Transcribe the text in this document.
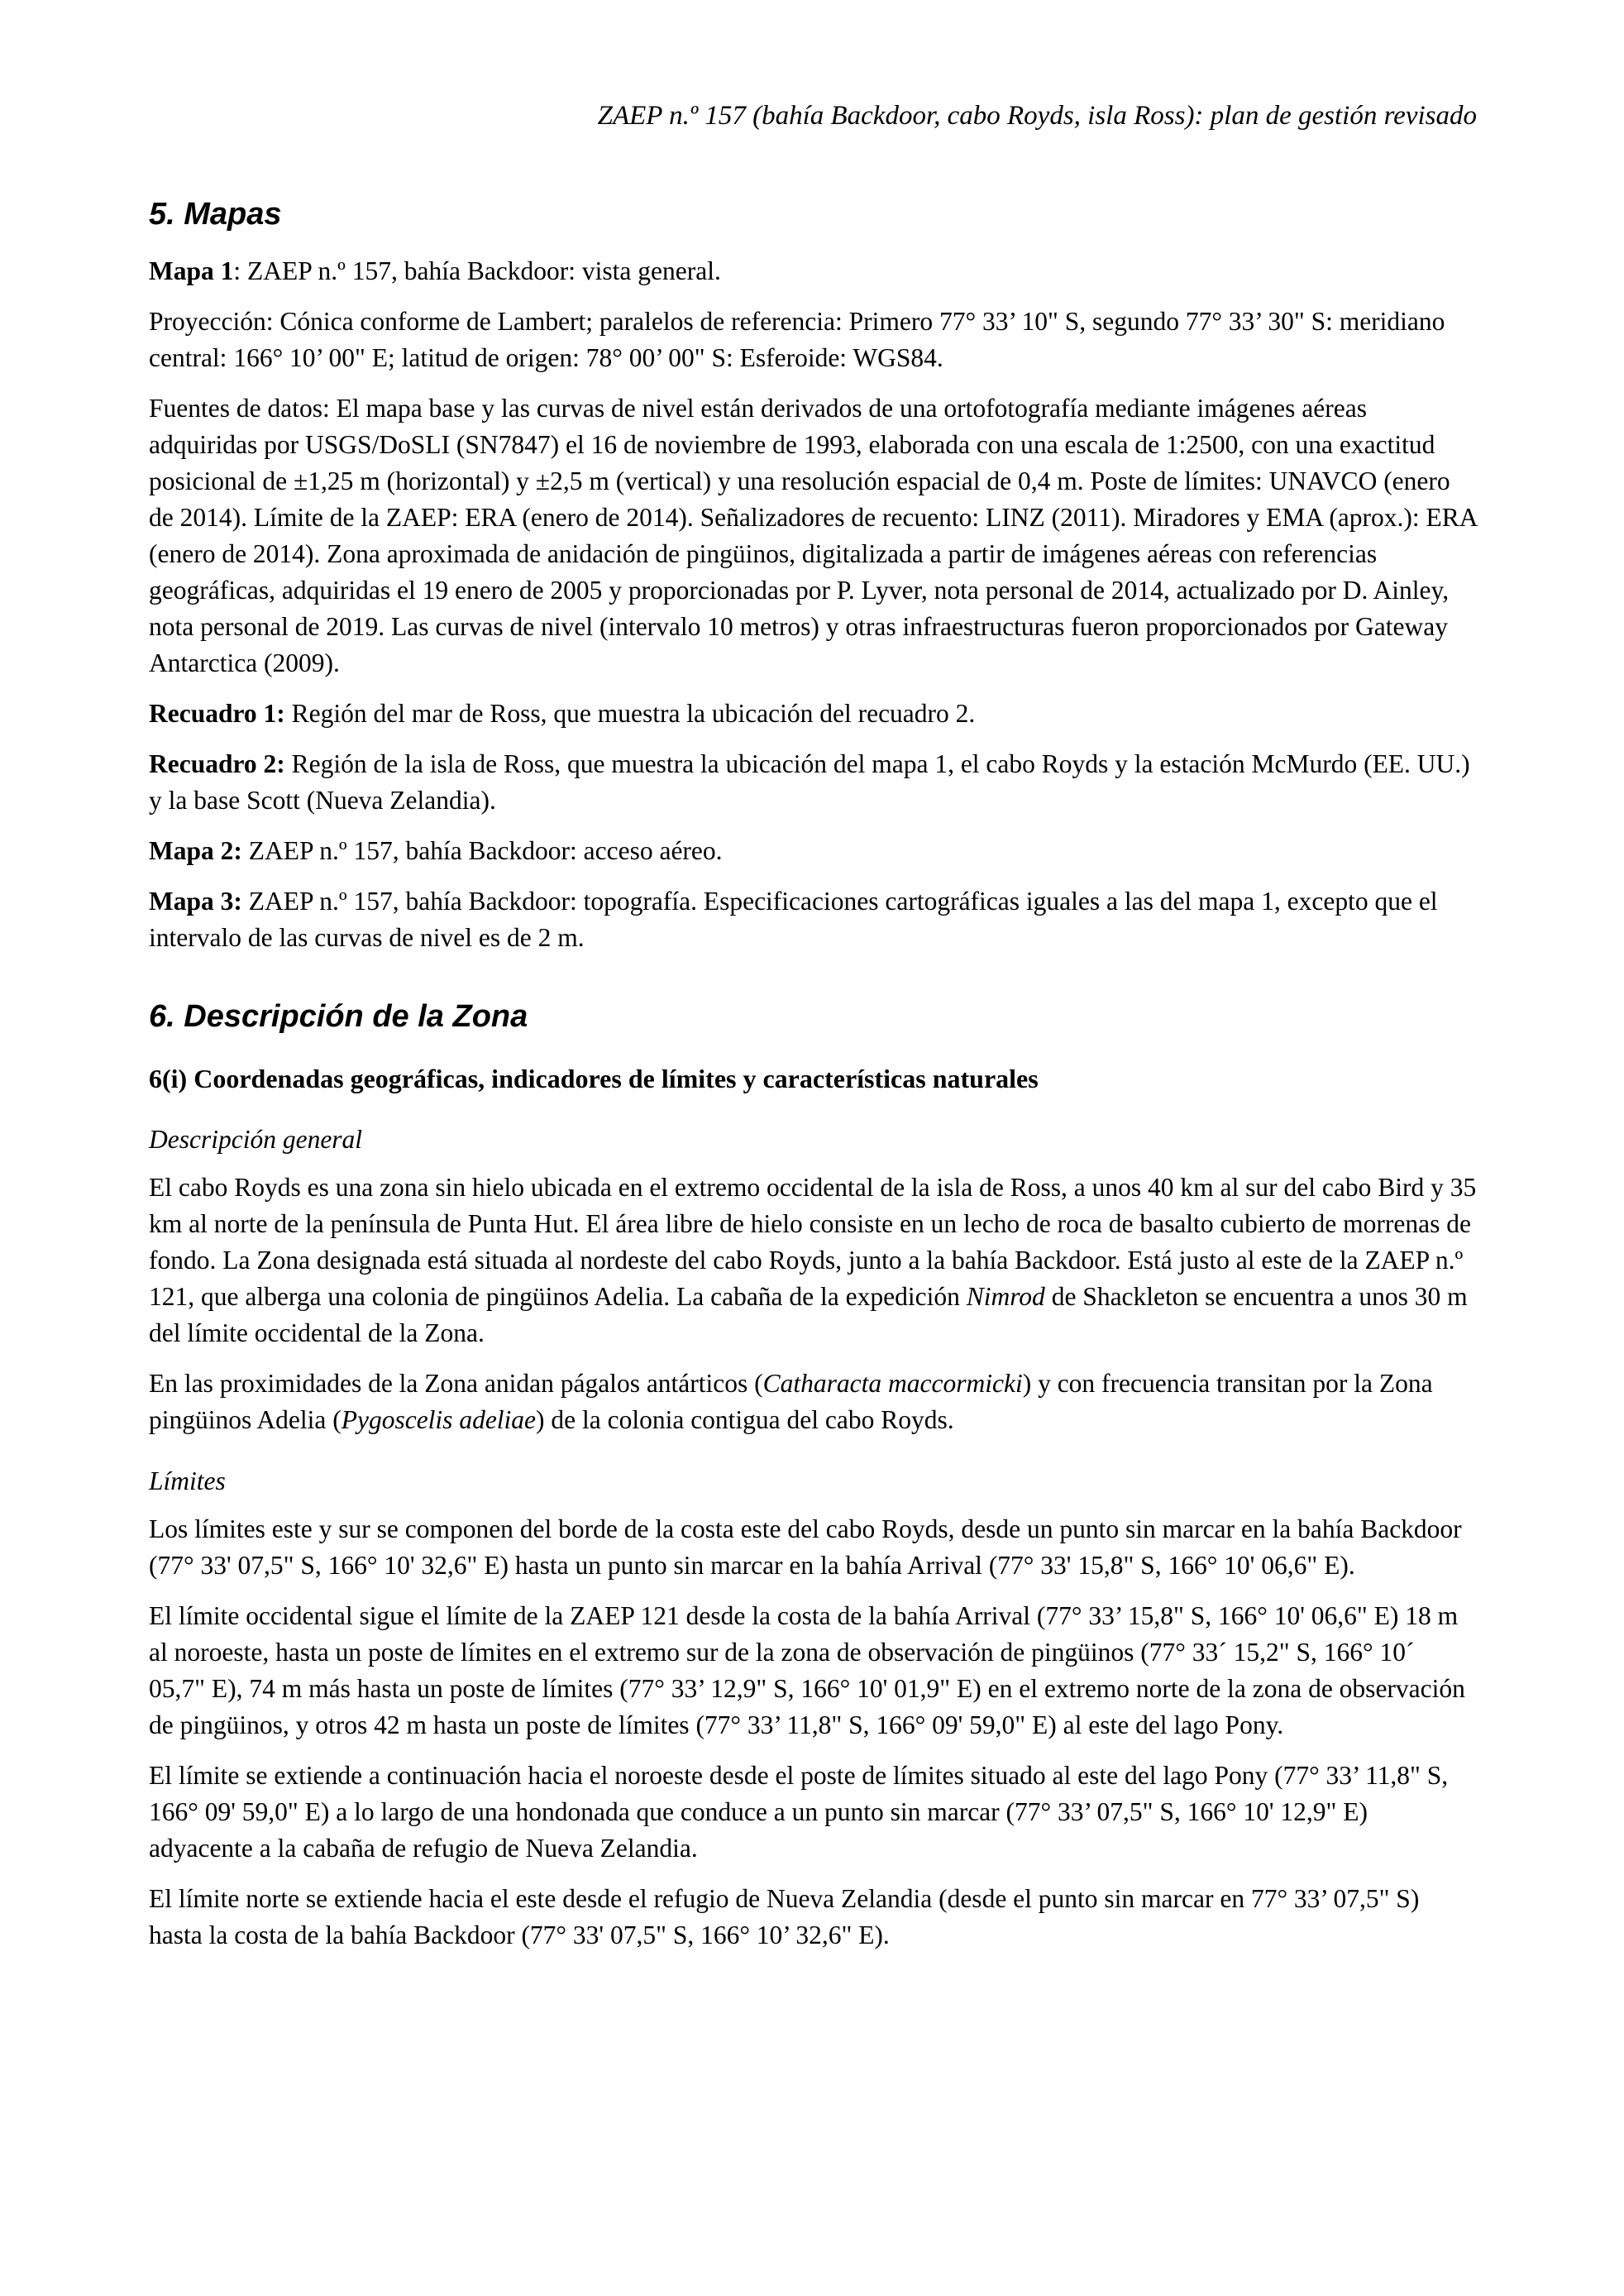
ZAEP n.º 157 (bahía Backdoor, cabo Royds, isla Ross): plan de gestión revisado
5. Mapas

Mapa 1: ZAEP n.º 157, bahía Backdoor: vista general.

Proyección: Cónica conforme de Lambert; paralelos de referencia: Primero 77° 33’ 10" S, segundo 77° 33’ 30" S: meridiano central: 166° 10’ 00" E; latitud de origen: 78° 00’ 00" S: Esferoide: WGS84.

Fuentes de datos: El mapa base y las curvas de nivel están derivados de una ortofotografía mediante imágenes aéreas adquiridas por USGS/DoSLI (SN7847) el 16 de noviembre de 1993, elaborada con una escala de 1:2500, con una exactitud posicional de ±1,25 m (horizontal) y ±2,5 m (vertical) y una resolución espacial de 0,4 m. Poste de límites: UNAVCO (enero de 2014). Límite de la ZAEP: ERA (enero de 2014). Señalizadores de recuento: LINZ (2011). Miradores y EMA (aprox.): ERA (enero de 2014). Zona aproximada de anidación de pingüinos, digitalizada a partir de imágenes aéreas con referencias geográficas, adquiridas el 19 enero de 2005 y proporcionadas por P. Lyver, nota personal de 2014, actualizado por D. Ainley, nota personal de 2019. Las curvas de nivel (intervalo 10 metros) y otras infraestructuras fueron proporcionados por Gateway Antarctica (2009).

Recuadro 1: Región del mar de Ross, que muestra la ubicación del recuadro 2.

Recuadro 2: Región de la isla de Ross, que muestra la ubicación del mapa 1, el cabo Royds y la estación McMurdo (EE. UU.) y la base Scott (Nueva Zelandia).

Mapa 2: ZAEP n.º 157, bahía Backdoor: acceso aéreo.

Mapa 3: ZAEP n.º 157, bahía Backdoor: topografía. Especificaciones cartográficas iguales a las del mapa 1, excepto que el intervalo de las curvas de nivel es de 2 m.

6. Descripción de la Zona
6(i) Coordenadas geográficas, indicadores de límites y características naturales
Descripción general

El cabo Royds es una zona sin hielo ubicada en el extremo occidental de la isla de Ross, a unos 40 km al sur del cabo Bird y 35 km al norte de la península de Punta Hut. El área libre de hielo consiste en un lecho de roca de basalto cubierto de morrenas de fondo. La Zona designada está situada al nordeste del cabo Royds, junto a la bahía Backdoor. Está justo al este de la ZAEP n.º 121, que alberga una colonia de pingüinos Adelia. La cabaña de la expedición Nimrod de Shackleton se encuentra a unos 30 m del límite occidental de la Zona.

En las proximidades de la Zona anidan págalos antárticos (Catharacta maccormicki) y con frecuencia transitan por la Zona pingüinos Adelia (Pygoscelis adeliae) de la colonia contigua del cabo Royds.

Límites

Los límites este y sur se componen del borde de la costa este del cabo Royds, desde un punto sin marcar en la bahía Backdoor (77° 33' 07,5" S, 166° 10' 32,6" E) hasta un punto sin marcar en la bahía Arrival (77° 33' 15,8" S, 166° 10' 06,6" E).

El límite occidental sigue el límite de la ZAEP 121 desde la costa de la bahía Arrival (77° 33’ 15,8" S, 166° 10' 06,6" E) 18 m al noroeste, hasta un poste de límites en el extremo sur de la zona de observación de pingüinos (77° 33´ 15,2" S, 166° 10´ 05,7" E), 74 m más hasta un poste de límites (77° 33’ 12,9" S, 166° 10' 01,9" E) en el extremo norte de la zona de observación de pingüinos, y otros 42 m hasta un poste de límites (77° 33’ 11,8" S, 166° 09' 59,0" E) al este del lago Pony.

El límite se extiende a continuación hacia el noroeste desde el poste de límites situado al este del lago Pony (77° 33’ 11,8" S, 166° 09' 59,0" E) a lo largo de una hondonada que conduce a un punto sin marcar (77° 33’ 07,5" S, 166° 10' 12,9" E) adyacente a la cabaña de refugio de Nueva Zelandia.

El límite norte se extiende hacia el este desde el refugio de Nueva Zelandia (desde el punto sin marcar en 77° 33’ 07,5" S) hasta la costa de la bahía Backdoor (77° 33' 07,5" S, 166° 10’ 32,6" E).
